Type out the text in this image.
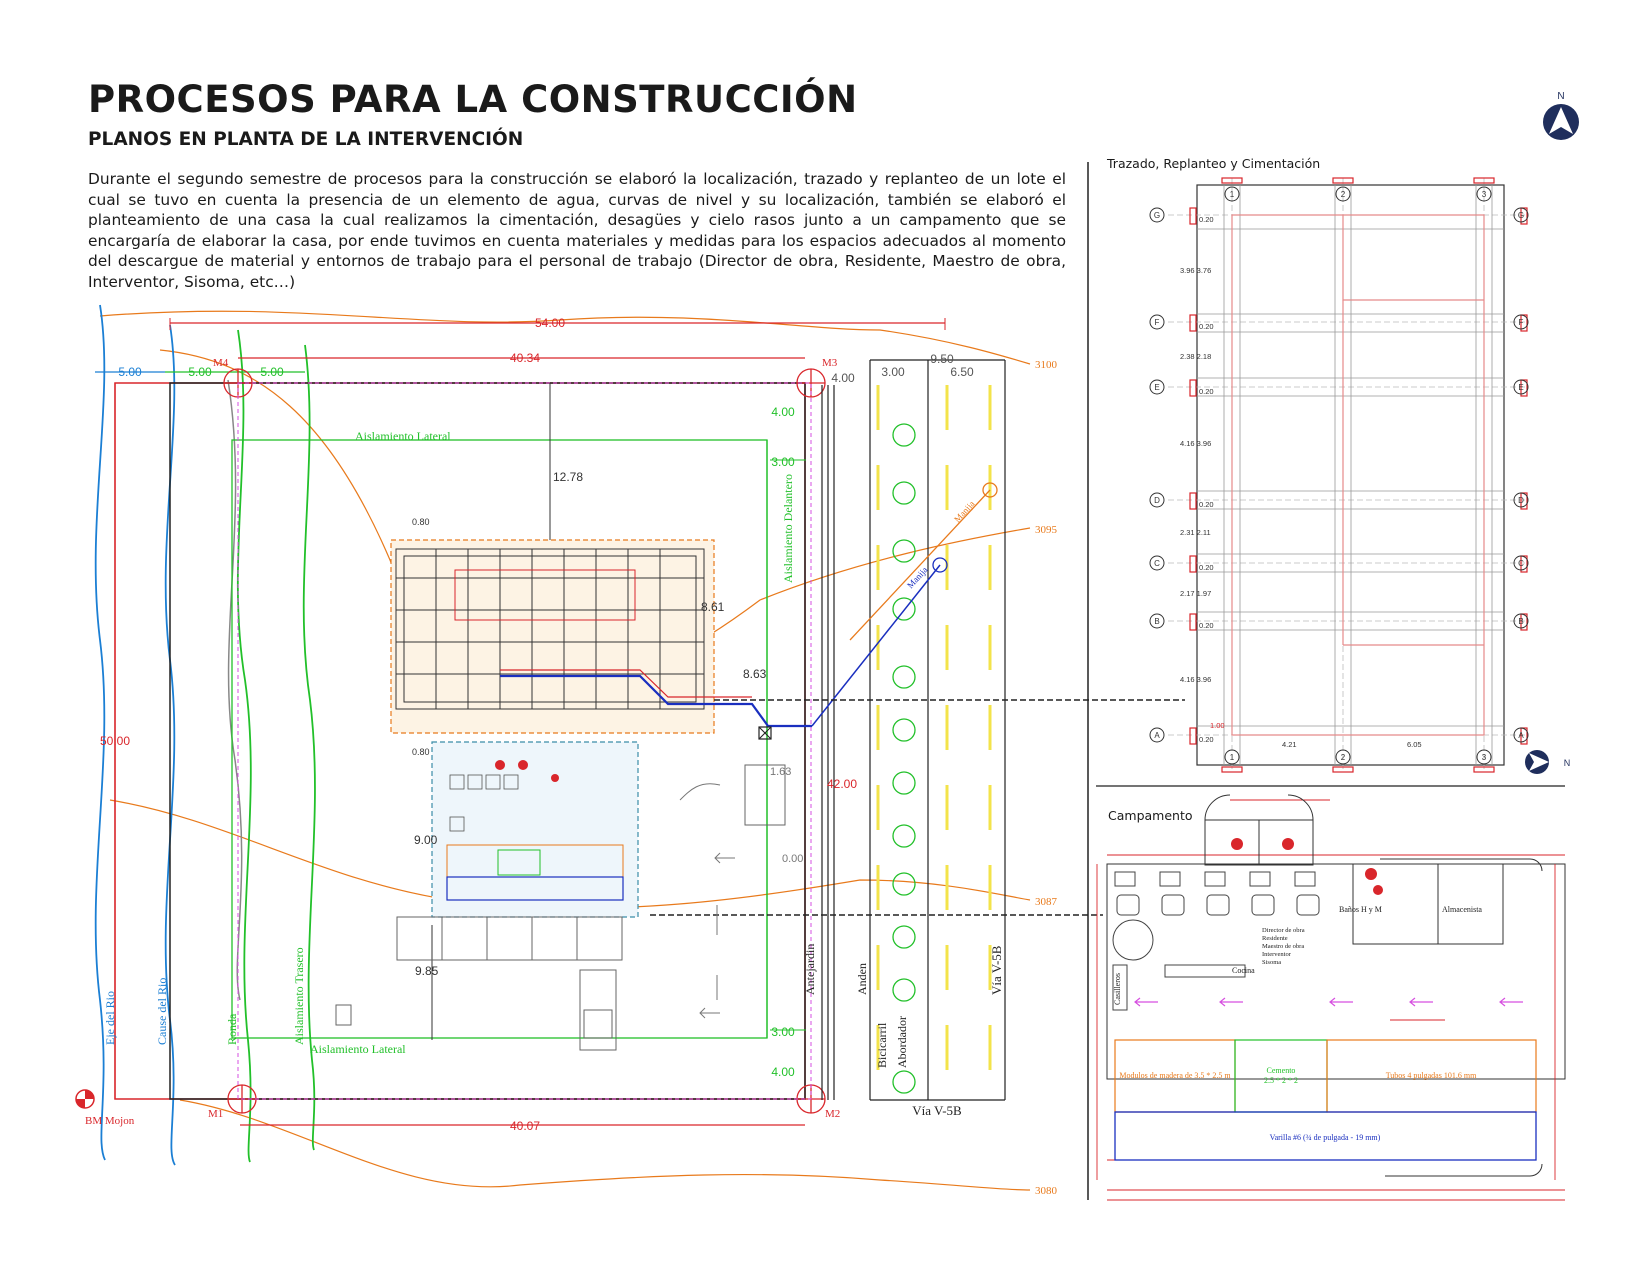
PROCESOS PARA LA CONSTRUCCIÓN
PLANOS EN PLANTA DE LA INTERVENCIÓN

Durante el segundo semestre de procesos para la construcción se elaboró la localización, trazado y replanteo de un lote el cual se tuvo en cuenta la presencia de un elemento de agua, curvas de nivel y su localización, también se elaboró el planteamiento de una casa la cual realizamos la cimentación, desagües y cielo rasos junto a un campamento que se encargaría de elaborar la casa, por ende tuvimos en cuenta materiales y medidas para los espacios adecuados al momento del descargue de material y entornos de trabajo para el personal de trabajo (Director de obra, Residente, Maestro de obra, Interventor, Sisoma, etc…)

Trazado, Replanteo y Cimentación
Campamento
N
N
3100
3095
3087
3080
54.00
40.34
40.07
50.00
5.00	5.00	5.00
M4	M3
M1	M2
BM Mojon
4.00
3.00
3.00
4.00
Aislamiento Lateral
Aislamiento Lateral
9.50
4.00 3.00	6.50
42.00
Vía V-5B
Vía V-5B
Anden
Bicicarril Abordador
Antejardin
Aislamiento Delantero
Eje del Rio	Cause del Rio	Ronda	Aislamiento Trasero
12.78
8.61
8.63
0.80
0.80
Manija
Manija
9.00
9.85
1.63
0.00
1	2	3
1	2	3
G
F
E
D
C
B
A
G
F
E
D
C
B
A
3.96 3.76
2.38 2.18
4.16 3.96
2.31 2.11
2.17 1.97
4.16 3.96
0.20
0.20
0.20
0.20
0.20
0.20
0.20
4.21	6.05
1.00
Casilleros
Baños H y M	Almacenista
Cocina
Director de obra
Residente
Maestro de obra
Interventor
Sisoma
Modulos de madera de 3.5 * 2.5 m
Cemento
2.5 * 2 * 2
Tubos 4 pulgadas 101.6 mm
Varilla #6 (¾ de pulgada - 19 mm)
